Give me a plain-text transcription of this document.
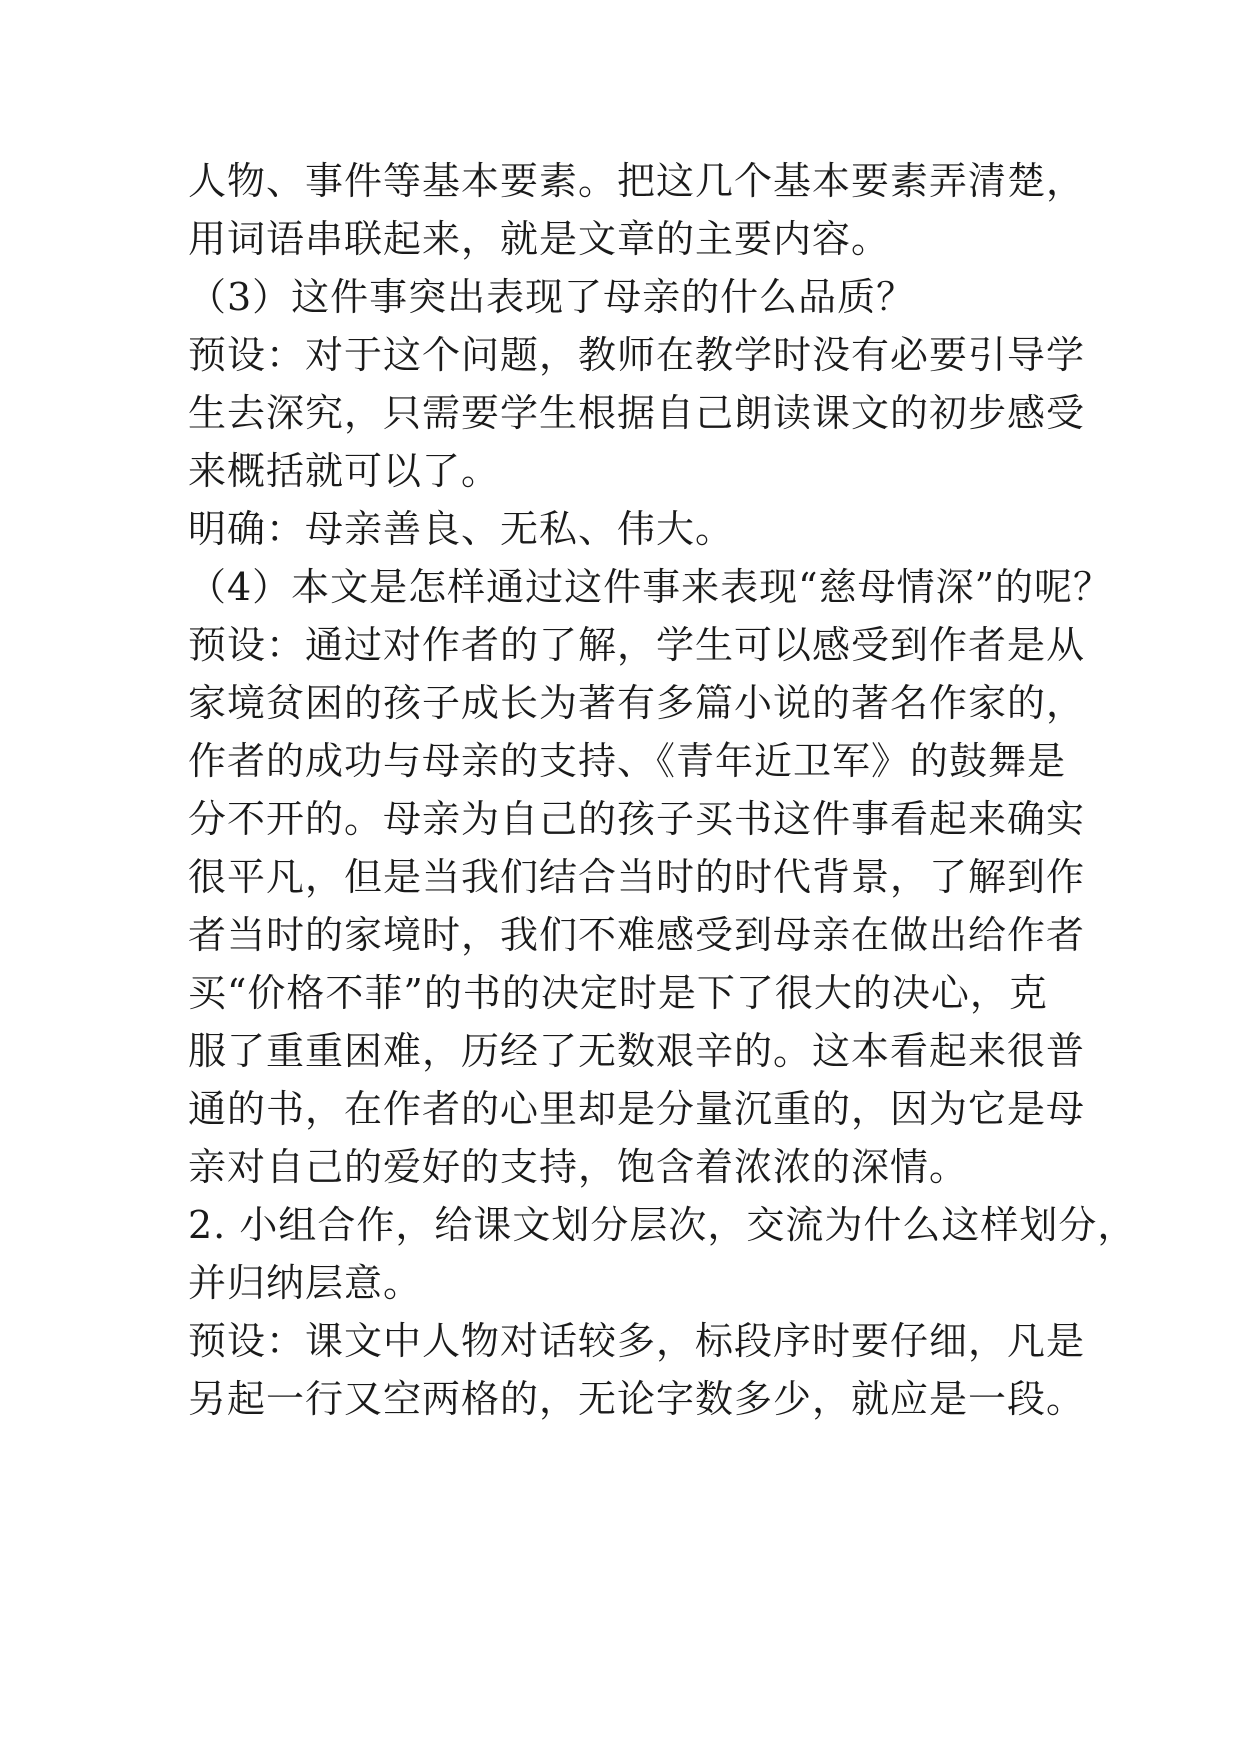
人物、事件等基本要素。把这几个基本要素弄清楚，
用词语串联起来，就是文章的主要内容。
（3）这件事突出表现了母亲的什么品质？
预设：对于这个问题，教师在教学时没有必要引导学
生去深究，只需要学生根据自己朗读课文的初步感受
来概括就可以了。
明确：母亲善良、无私、伟大。
（4）本文是怎样通过这件事来表现“慈母情深”的呢？
预设：通过对作者的了解，学生可以感受到作者是从
家境贫困的孩子成长为著有多篇小说的著名作家的，
作者的成功与母亲的支持、《青年近卫军》的鼓舞是
分不开的。母亲为自己的孩子买书这件事看起来确实
很平凡，但是当我们结合当时的时代背景，了解到作
者当时的家境时，我们不难感受到母亲在做出给作者
买“价格不菲”的书的决定时是下了很大的决心，克
服了重重困难，历经了无数艰辛的。这本看起来很普
通的书，在作者的心里却是分量沉重的，因为它是母
亲对自己的爱好的支持，饱含着浓浓的深情。
2. 小组合作，给课文划分层次，交流为什么这样划分，
并归纳层意。
预设：课文中人物对话较多，标段序时要仔细，凡是
另起一行又空两格的，无论字数多少，就应是一段。
